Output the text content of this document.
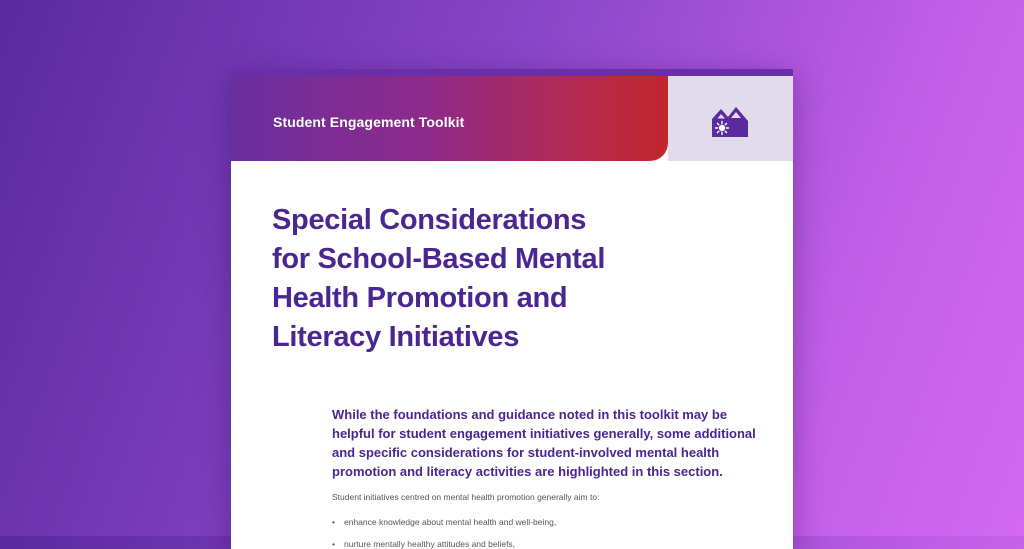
Student Engagement Toolkit
Special Considerations
for School-Based Mental
Health Promotion and
Literacy Initiatives

While the foundations and guidance noted in this toolkit may be
helpful for student engagement initiatives generally, some additional
and specific considerations for student-involved mental health
promotion and literacy activities are highlighted in this section.

Student initiatives centred on mental health promotion generally aim to:

• enhance knowledge about mental health and well-being,
• nurture mentally healthy attitudes and beliefs,
